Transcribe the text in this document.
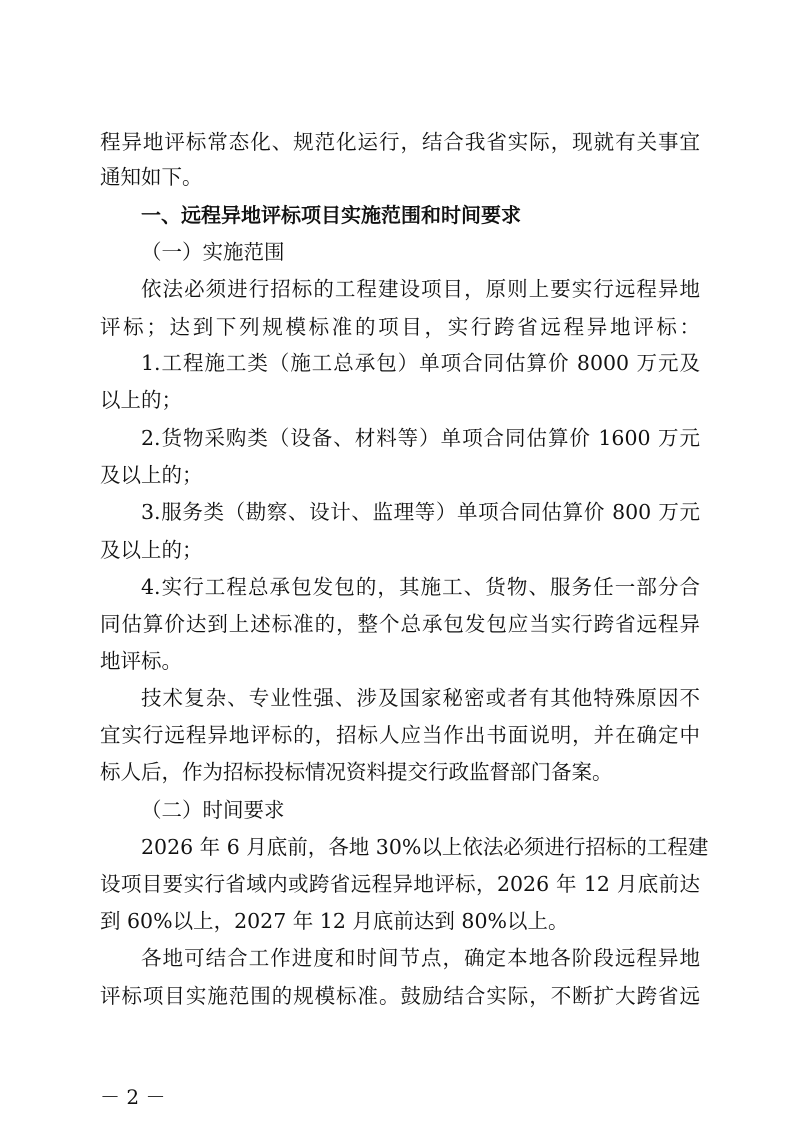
程异地评标常态化、规范化运行，结合我省实际，现就有关事宜
通知如下。
一、远程异地评标项目实施范围和时间要求
（一）实施范围
依法必须进行招标的工程建设项目，原则上要实行远程异地
评标；达到下列规模标准的项目，实行跨省远程异地评标：
1.工程施工类（施工总承包）单项合同估算价 8000 万元及
以上的；
2.货物采购类（设备、材料等）单项合同估算价 1600 万元
及以上的；
3.服务类（勘察、设计、监理等）单项合同估算价 800 万元
及以上的；
4.实行工程总承包发包的，其施工、货物、服务任一部分合
同估算价达到上述标准的，整个总承包发包应当实行跨省远程异
地评标。
技术复杂、专业性强、涉及国家秘密或者有其他特殊原因不
宜实行远程异地评标的，招标人应当作出书面说明，并在确定中
标人后，作为招标投标情况资料提交行政监督部门备案。
（二）时间要求
2026 年 6 月底前，各地 30%以上依法必须进行招标的工程建
设项目要实行省域内或跨省远程异地评标，2026 年 12 月底前达
到 60%以上，2027 年 12 月底前达到 80%以上。
各地可结合工作进度和时间节点，确定本地各阶段远程异地
评标项目实施范围的规模标准。鼓励结合实际，不断扩大跨省远
－ 2 －
